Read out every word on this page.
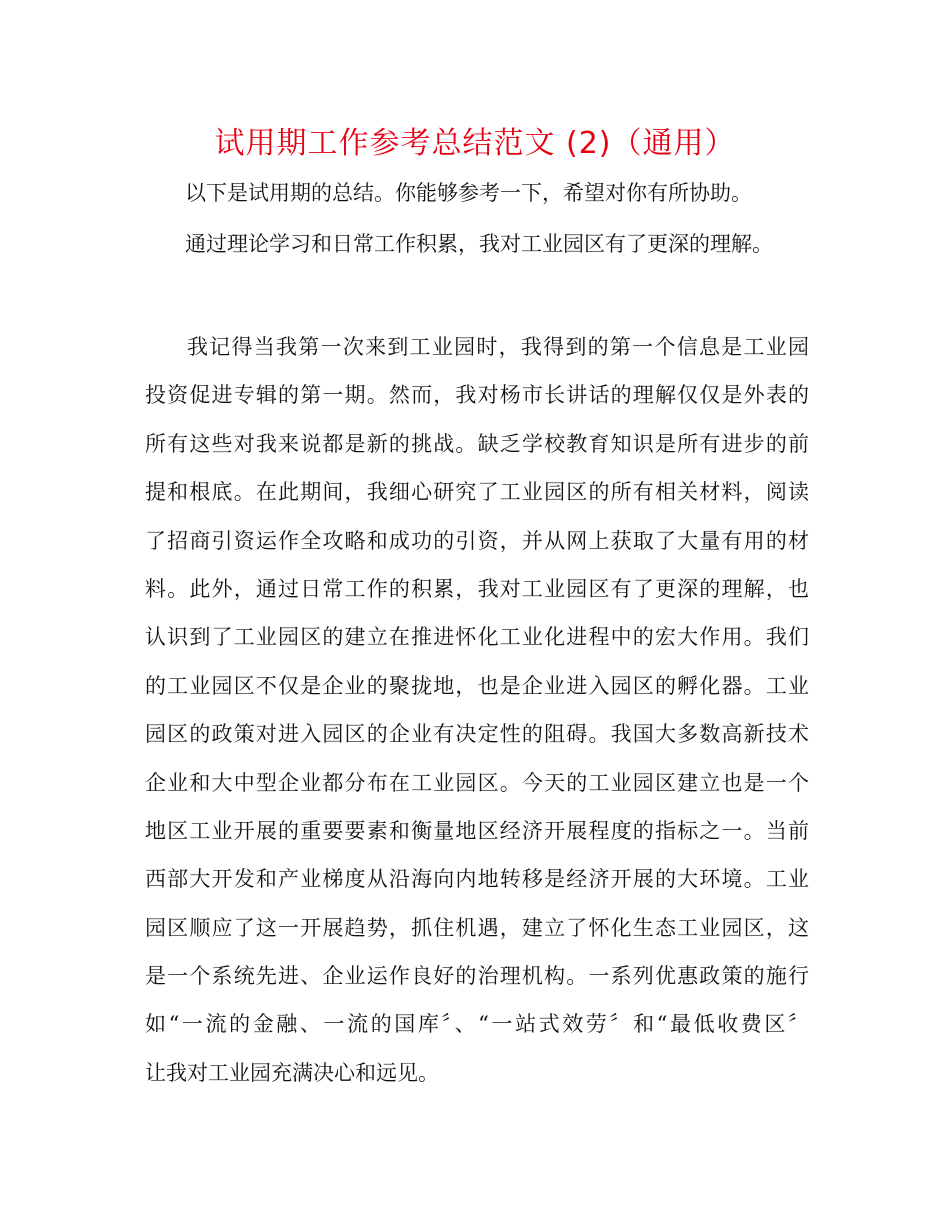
试用期工作参考总结范文 (2)（通用）
以下是试用期的总结。你能够参考一下，希望对你有所协助。
通过理论学习和日常工作积累，我对工业园区有了更深的理解。
我记得当我第一次来到工业园时，我得到的第一个信息是工业园
投资促进专辑的第一期。然而，我对杨市长讲话的理解仅仅是外表的
所有这些对我来说都是新的挑战。缺乏学校教育知识是所有进步的前
提和根底。在此期间，我细心研究了工业园区的所有相关材料，阅读
了招商引资运作全攻略和成功的引资，并从网上获取了大量有用的材
料。此外，通过日常工作的积累，我对工业园区有了更深的理解，也
认识到了工业园区的建立在推进怀化工业化进程中的宏大作用。我们
的工业园区不仅是企业的聚拢地，也是企业进入园区的孵化器。工业
园区的政策对进入园区的企业有决定性的阻碍。我国大多数高新技术
企业和大中型企业都分布在工业园区。今天的工业园区建立也是一个
地区工业开展的重要要素和衡量地区经济开展程度的指标之一。当前
西部大开发和产业梯度从沿海向内地转移是经济开展的大环境。工业
园区顺应了这一开展趋势，抓住机遇，建立了怀化生态工业园区，这
是一个系统先进、企业运作良好的治理机构。一系列优惠政策的施行
如“一流的金融、一流的国库〞、“一站式效劳〞和“最低收费区〞
让我对工业园充满决心和远见。
